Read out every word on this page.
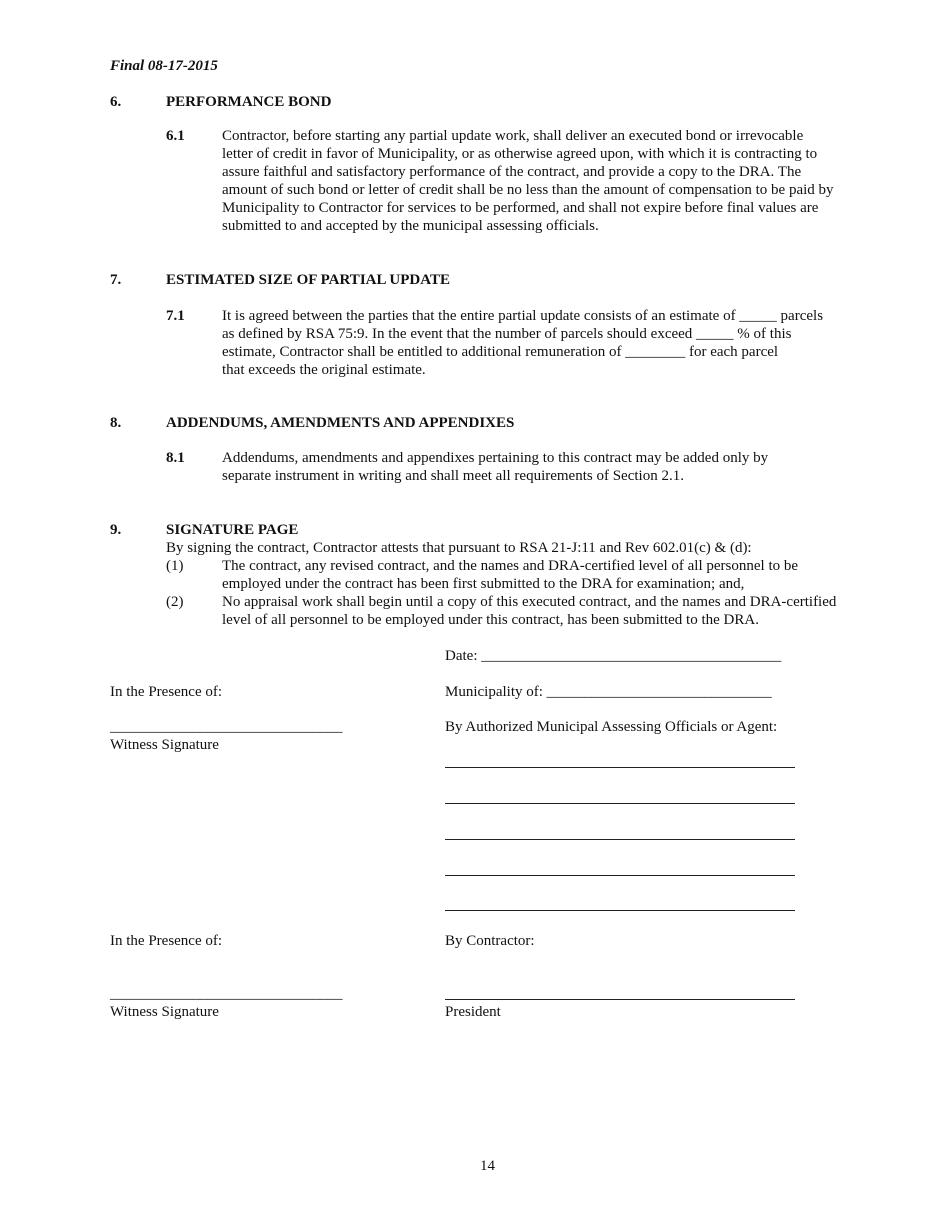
Final 08-17-2015
6.	PERFORMANCE BOND
6.1 Contractor, before starting any partial update work, shall deliver an executed bond or irrevocable
letter of credit in favor of Municipality, or as otherwise agreed upon, with which it is contracting to
assure faithful and satisfactory performance of the contract, and provide a copy to the DRA. The
amount of such bond or letter of credit shall be no less than the amount of compensation to be paid by
Municipality to Contractor for services to be performed, and shall not expire before final values are
submitted to and accepted by the municipal assessing officials.
7.	ESTIMATED SIZE OF PARTIAL UPDATE
7.1 It is agreed between the parties that the entire partial update consists of an estimate of _____ parcels
as defined by RSA 75:9. In the event that the number of parcels should exceed _____ % of this
estimate, Contractor shall be entitled to additional remuneration of ________ for each parcel
that exceeds the original estimate.
8.	ADDENDUMS, AMENDMENTS AND APPENDIXES
8.1 Addendums, amendments and appendixes pertaining to this contract may be added only by
separate instrument in writing and shall meet all requirements of Section 2.1.
9.	SIGNATURE PAGE
By signing the contract, Contractor attests that pursuant to RSA 21-J:11 and Rev 602.01(c) & (d):
(1)	The contract, any revised contract, and the names and DRA-certified level of all personnel to be
employed under the contract has been first submitted to the DRA for examination; and,
(2)	No appraisal work shall begin until a copy of this executed contract, and the names and DRA-certified
level of all personnel to be employed under this contract, has been submitted to the DRA.
Date: ________________________________________
In the Presence of:	Municipality of: ______________________________
_______________________________	By Authorized Municipal Assessing Officials or Agent:
Witness Signature
In the Presence of:	By Contractor:
_______________________________
Witness Signature	President
14
